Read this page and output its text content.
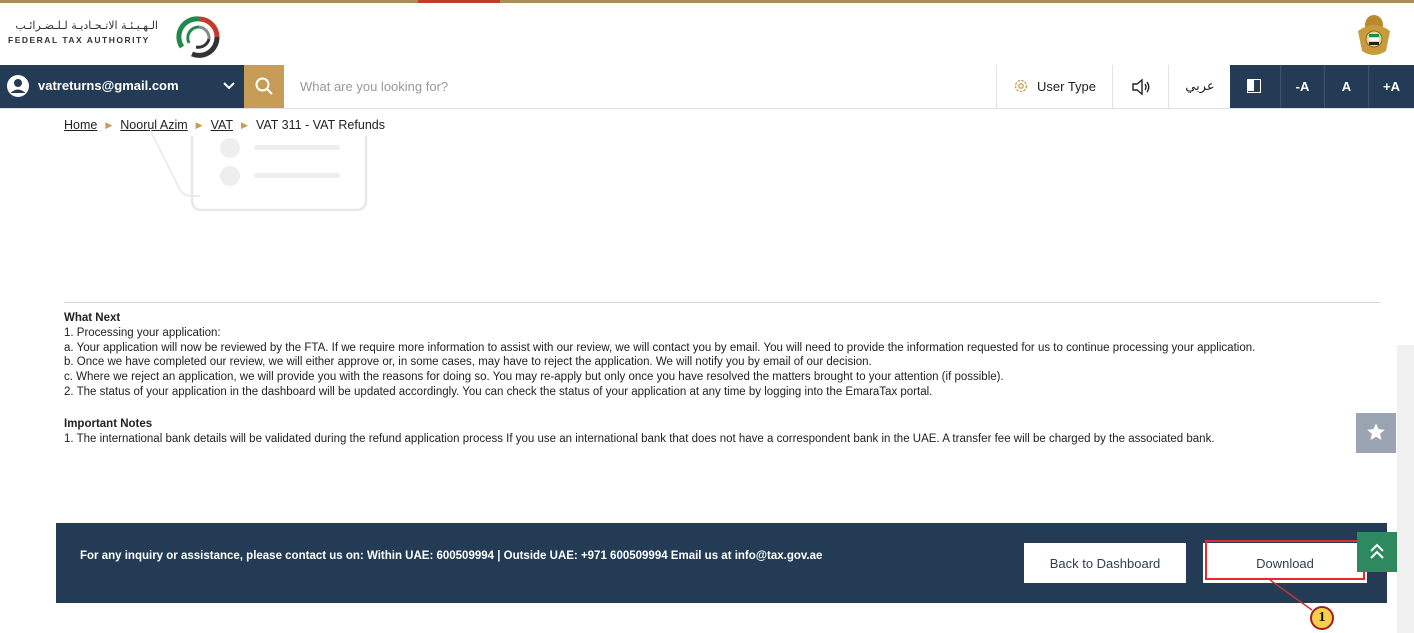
الـهـيـئـة الاتـحـاديـة لـلـضـرائـب
FEDERAL TAX AUTHORITY
vatreturns@gmail.com
What are you looking for?	User Type	عربي	-A	A	+A
Home ▶ Noorul Azim ▶ VAT ▶ VAT 311 - VAT Refunds

What Next

1. Processing your application:

a. Your application will now be reviewed by the FTA. If we require more information to assist with our review, we will contact you by email. You will need to provide the information requested for us to continue processing your application.

b. Once we have completed our review, we will either approve or, in some cases, may have to reject the application. We will notify you by email of our decision.

c. Where we reject an application, we will provide you with the reasons for doing so. You may re-apply but only once you have resolved the matters brought to your attention (if possible).

2. The status of your application in the dashboard will be updated accordingly. You can check the status of your application at any time by logging into the EmaraTax portal.

Important Notes

1. The international bank details will be validated during the refund application process If you use an international bank that does not have a correspondent bank in the UAE. A transfer fee will be charged by the associated bank.

For any inquiry or assistance, please contact us on: Within UAE: 600509994 | Outside UAE: +971 600509994 Email us at info@tax.gov.ae	Back to Dashboard	Download
1
